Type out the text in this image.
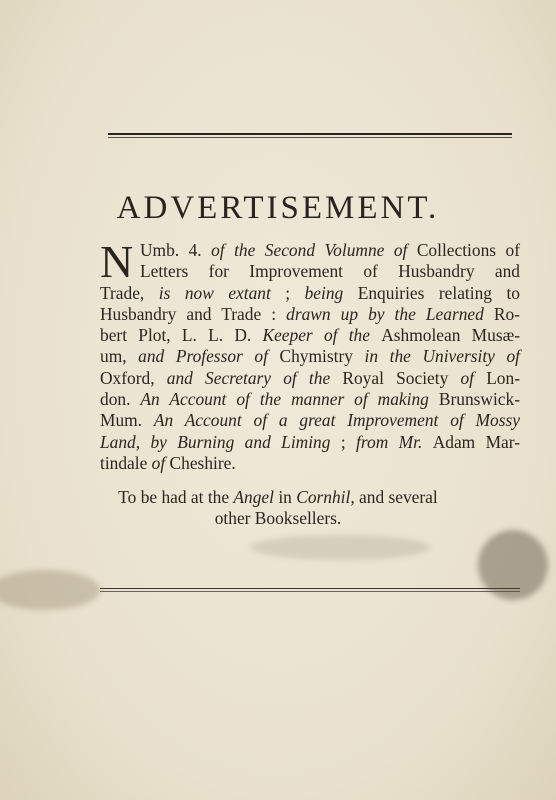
ADVERTISEMENT.
N Umb. 4. of the Second Volumne of Collections of
Letters for Improvement of Husbandry and
Trade, is now extant ; being Enquiries relating to
Husbandry and Trade : drawn up by the Learned Ro-
bert Plot, L. L. D. Keeper of the Ashmolean Musæ-
um, and Professor of Chymistry in the University of
Oxford, and Secretary of the Royal Society of Lon-
don. An Account of the manner of making Brunswick-
Mum. An Account of a great Improvement of Mossy
Land, by Burning and Liming ; from Mr. Adam Mar-
tindale of Cheshire.
To be had at the Angel in Cornhil, and several
other Booksellers.
